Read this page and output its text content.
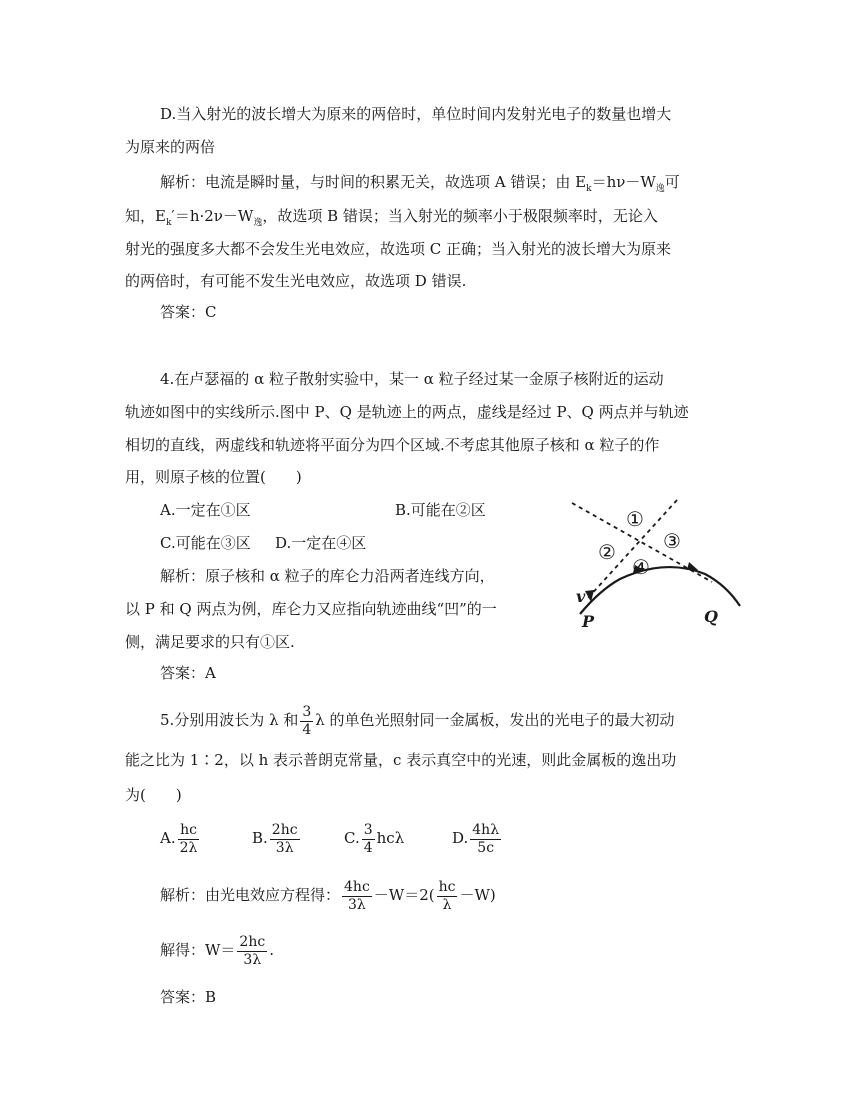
D.当入射光的波长增大为原来的两倍时，单位时间内发射光电子的数量也增大
为原来的两倍
解析：电流是瞬时量，与时间的积累无关，故选项 A 错误；由 $E_k=h\nu-W_逸$可
知，$E_k'=h\cdot 2\nu-W_逸$，故选项 B 错误；当入射光的频率小于极限频率时，无论入
射光的强度多大都不会发生光电效应，故选项 C 正确；当入射光的波长增大为原来
的两倍时，有可能不发生光电效应，故选项 D 错误.
答案：C
4.在卢瑟福的 α 粒子散射实验中，某一 α 粒子经过某一金原子核附近的运动
轨迹如图中的实线所示.图中 P、Q 是轨迹上的两点，虚线是经过 P、Q 两点并与轨迹
相切的直线，两虚线和轨迹将平面分为四个区域.不考虑其他原子核和 α 粒子的作
用，则原子核的位置(　　)
A.一定在①区	B.可能在②区
C.可能在③区 D.一定在④区
解析：原子核和 α 粒子的库仑力沿两者连线方向，
以 P 和 Q 两点为例，库仑力又应指向轨迹曲线“凹”的一
侧，满足要求的只有①区.
答案：A
①
② ③
④
v
P	Q
5.分别用波长为 λ 和 $\frac{3}{4}$ λ 的单色光照射同一金属板，发出的光电子的最大初动
能之比为 1∶2，以 h 表示普朗克常量，c 表示真空中的光速，则此金属板的逸出功
为(　　)
A. $\frac{hc}{2\lambda}$	B. $\frac{2hc}{3\lambda}$	C. $\frac{3}{4}$ hcλ	D. $\frac{4h\lambda}{5c}$
解析：由光电效应方程得： $\frac{4hc}{3\lambda} -W=2( \frac{hc}{\lambda} -W)$
解得：$W= \frac{2hc}{3\lambda}$ .
答案：B
